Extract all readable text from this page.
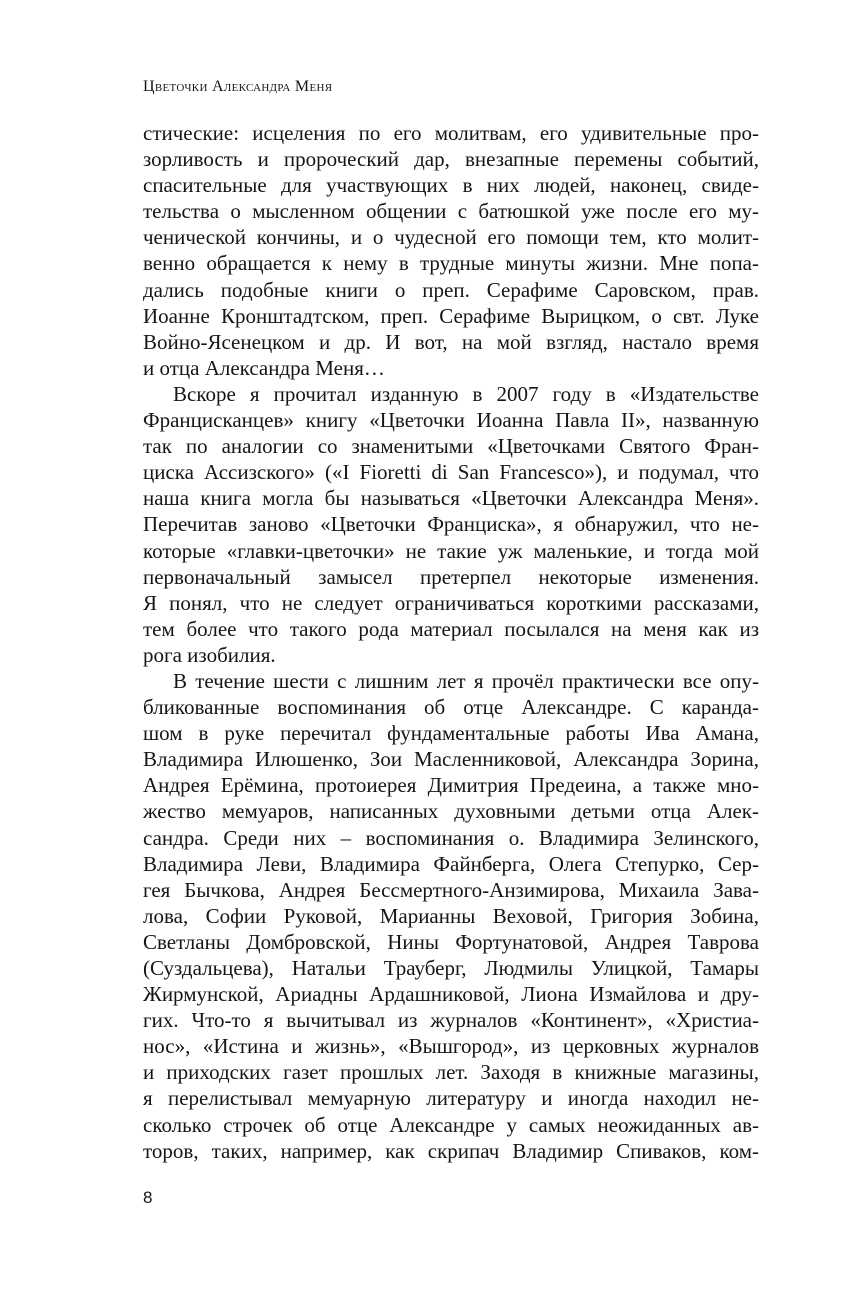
Цветочки Александра Меня
стические: исцеления по его молитвам, его удивительные про-
зорливость и пророческий дар, внезапные перемены событий,
спасительные для участвующих в них людей, наконец, свиде-
тельства о мысленном общении с батюшкой уже после его му-
ченической кончины, и о чудесной его помощи тем, кто молит-
венно обращается к нему в трудные минуты жизни. Мне попа-
дались подобные книги о преп. Серафиме Саровском, прав.
Иоанне Кронштадтском, преп. Серафиме Вырицком, о свт. Луке
Войно-Ясенецком и др. И вот, на мой взгляд, настало время
и отца Александра Меня…
Вскоре я прочитал изданную в 2007 году в «Издательстве
Францисканцев» книгу «Цветочки Иоанна Павла II», названную
так по аналогии со знаменитыми «Цветочками Святого Фран-
циска Ассизского» («I Fioretti di San Francesco»), и подумал, что
наша книга могла бы называться «Цветочки Александра Меня».
Перечитав заново «Цветочки Франциска», я обнаружил, что не-
которые «главки-цветочки» не такие уж маленькие, и тогда мой
первоначальный замысел претерпел некоторые изменения.
Я понял, что не следует ограничиваться короткими рассказами,
тем более что такого рода материал посылался на меня как из
рога изобилия.
В течение шести с лишним лет я прочёл практически все опу-
бликованные воспоминания об отце Александре. С каранда-
шом в руке перечитал фундаментальные работы Ива Амана,
Владимира Илюшенко, Зои Масленниковой, Александра Зорина,
Андрея Ерёмина, протоиерея Димитрия Предеина, а также мно-
жество мемуаров, написанных духовными детьми отца Алек-
сандра. Среди них – воспоминания о. Владимира Зелинского,
Владимира Леви, Владимира Файнберга, Олега Степурко, Сер-
гея Бычкова, Андрея Бессмертного-Анзимирова, Михаила Зава-
лова, Софии Руковой, Марианны Веховой, Григория Зобина,
Светланы Домбровской, Нины Фортунатовой, Андрея Таврова
(Суздальцева), Натальи Трауберг, Людмилы Улицкой, Тамары
Жирмунской, Ариадны Ардашниковой, Лиона Измайлова и дру-
гих. Что-то я вычитывал из журналов «Континент», «Христиа-
нос», «Истина и жизнь», «Вышгород», из церковных журналов
и приходских газет прошлых лет. Заходя в книжные магазины,
я перелистывал мемуарную литературу и иногда находил не-
сколько строчек об отце Александре у самых неожиданных ав-
торов, таких, например, как скрипач Владимир Спиваков, ком-
8
